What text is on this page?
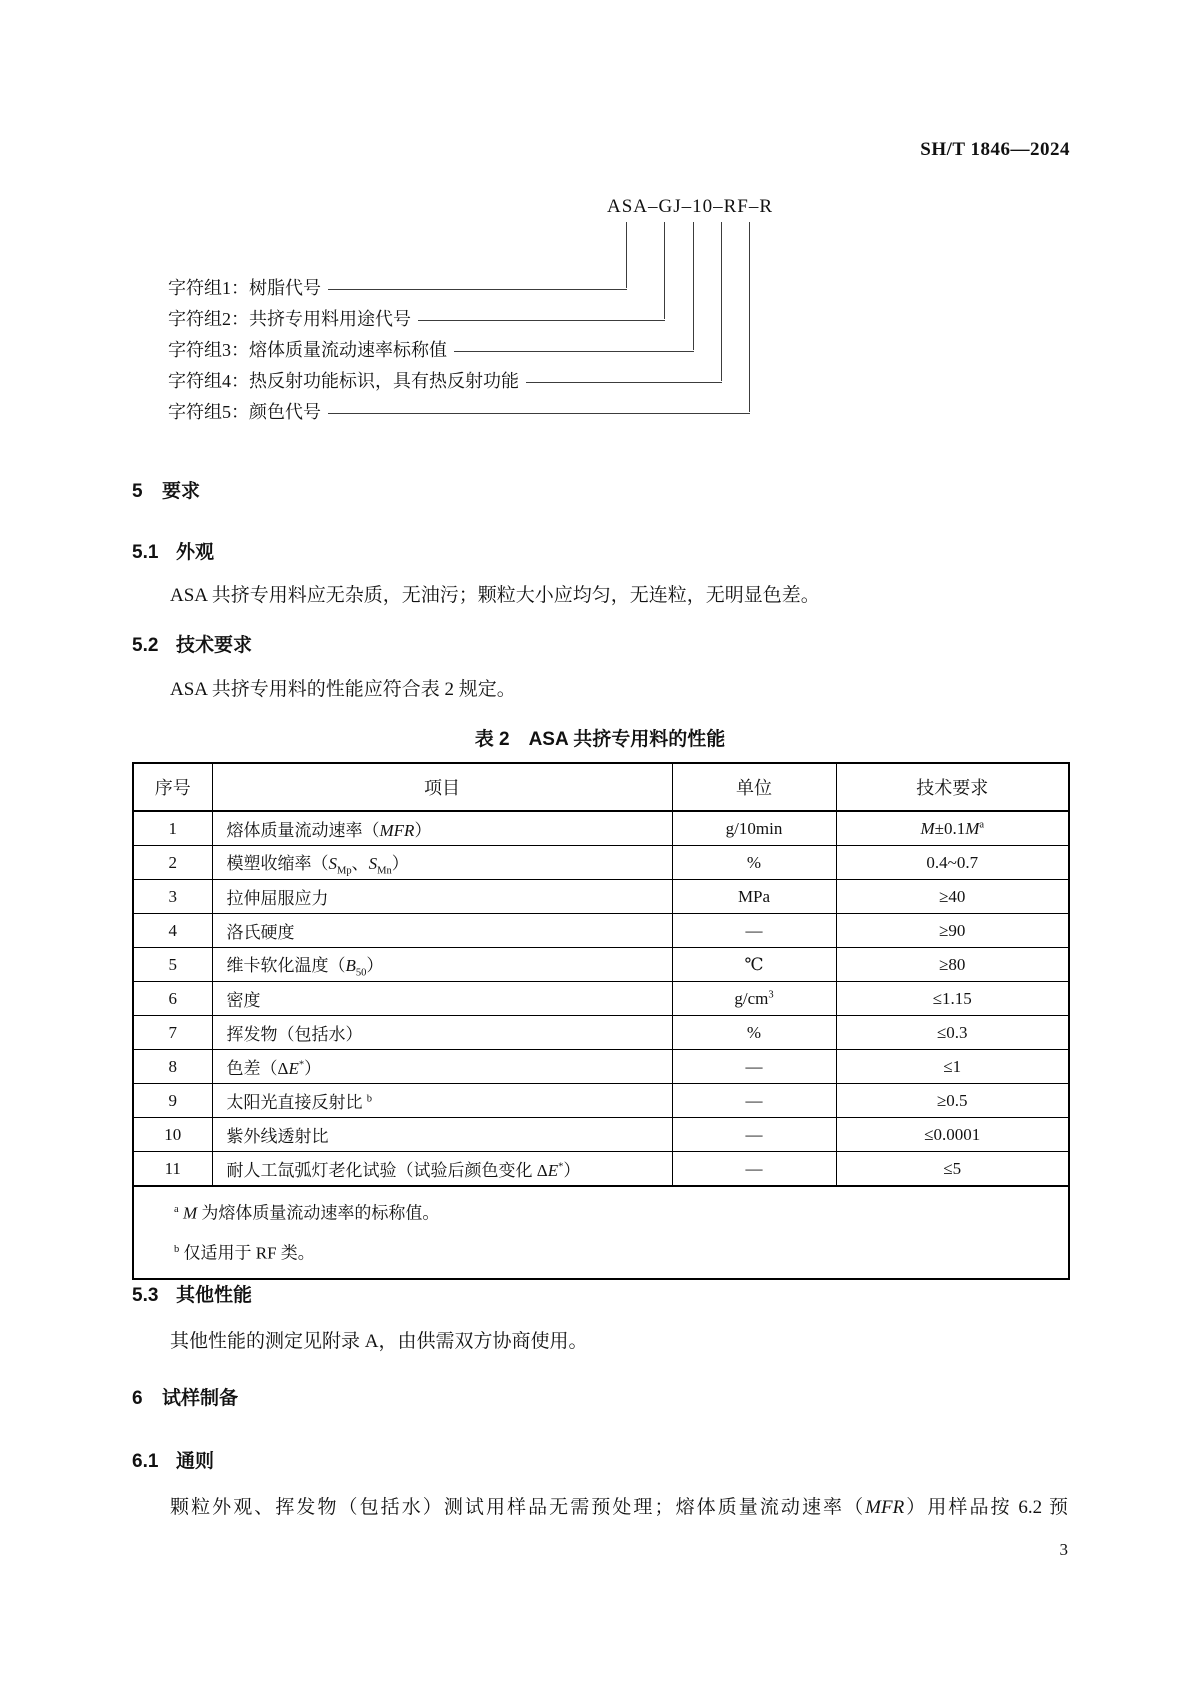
SH/T 1846—2024
ASA–GJ–10–RF–R
字符组1：树脂代号
字符组2：共挤专用料用途代号
字符组3：熔体质量流动速率标称值
字符组4：热反射功能标识，具有热反射功能
字符组5：颜色代号
5 要求
5.1 外观
ASA 共挤专用料应无杂质，无油污；颗粒大小应均匀，无连粒，无明显色差。
5.2 技术要求
ASA 共挤专用料的性能应符合表 2 规定。
表 2　ASA 共挤专用料的性能
序号	项目	单位	技术要求
1	熔体质量流动速率（MFR）	g/10min	$M\pm 0.1M^a$
2	模塑收缩率（$S_{Mp}$、$S_{Mn}$）	%	0.4~0.7
3	拉伸屈服应力	MPa	≥40
4	洛氏硬度	—	≥90
5	维卡软化温度$(B_{50})$	℃	≥80
6	密度	$g/cm^3$	≤1.15
7	挥发物（包括水）	%	≤0.3
8	色差（ΔE*）	—	≤1
9	太阳光直接反射比 $^b$	—	≥0.5
10	紫外线透射比	—	≤0.0001
11	耐人工氙弧灯老化试验（试验后颜色变化 ΔE*）	—	≤5

$^a$ M 为熔体质量流动速率的标称值。
$^b$ 仅适用于 RF 类。			
5.3 其他性能
其他性能的测定见附录 A，由供需双方协商使用。
6 试样制备
6.1 通则
颗粒外观、挥发物（包括水）测试用样品无需预处理；熔体质量流动速率（MFR）用样品按 6.2 预
3
